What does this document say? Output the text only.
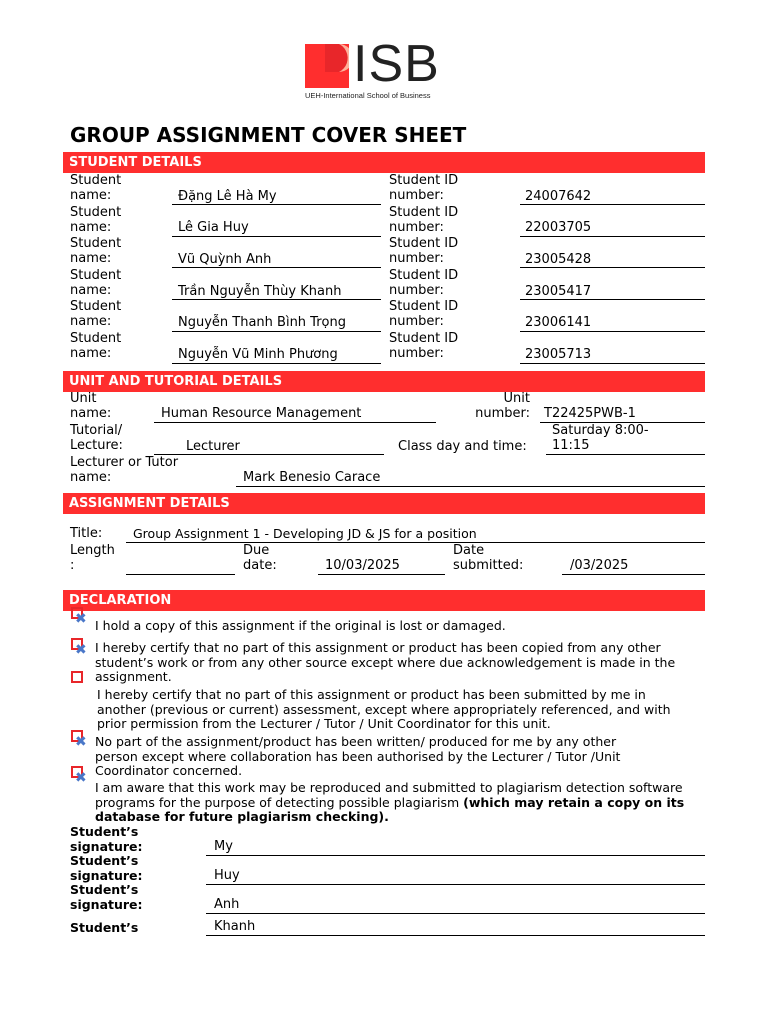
ISB
UEH-International School of Business
GROUP ASSIGNMENT COVER SHEET
STUDENT DETAILS
Student
name:	Đặng Lê Hà My
Student ID
number:	24007642
Student
name:	Lê Gia Huy
Student ID
number:	22003705
Student
name:	Vũ Quỳnh Anh
Student ID
number:	23005428
Student
name:	Trần Nguyễn Thùy Khanh
Student ID
number:	23005417
Student
name:	Nguyễn Thanh Bình Trọng
Student ID
number:	23006141
Student
name:	Nguyễn Vũ Minh Phương
Student ID
number:	23005713
UNIT AND TUTORIAL DETAILS
Unit
name:	Human Resource Management
Unit
number: T22425PWB-1
Tutorial/
Lecture:	Lecturer	Class day and time:
Saturday 8:00-
11:15
Lecturer or Tutor
name:	Mark Benesio Carace
ASSIGNMENT DETAILS
Title: Group Assignment 1 - Developing JD & JS for a position
Length
:
Due
date:	10/03/2025
Date
submitted:	/03/2025
DECLARATION
✖ I hold a copy of this assignment if the original is lost or damaged.
✖ I hereby certify that no part of this assignment or product has been copied from any other student’s work or from any other source except where due acknowledgement is made in the assignment.
I hereby certify that no part of this assignment or product has been submitted by me in another (previous or current) assessment, except where appropriately referenced, and with prior permission from the Lecturer / Tutor / Unit Coordinator for this unit.
✖ No part of the assignment/product has been written/ produced for me by any other person except where collaboration has been authorised by the Lecturer / Tutor /Unit Coordinator concerned.
✖
I am aware that this work may be reproduced and submitted to plagiarism detection software programs for the purpose of detecting possible plagiarism (which may retain a copy on its database for future plagiarism checking).
Student’s
signature:	My
Student’s
signature:	Huy
Student’s
signature:	Anh
Student’s	Khanh
